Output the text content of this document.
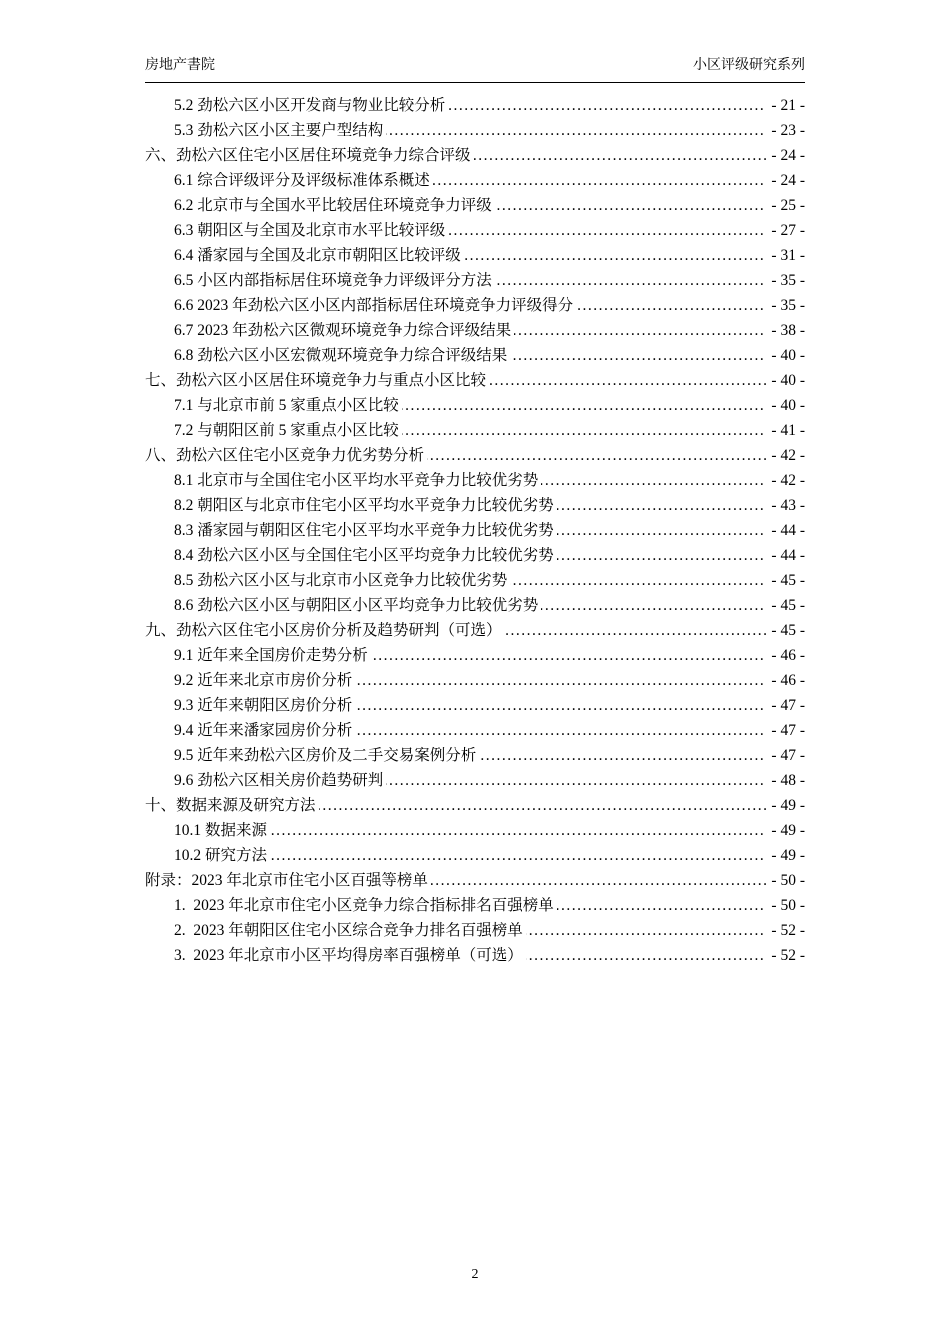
房地产書院	小区评级研究系列
.....
5.2 劲松六区小区开发商与物业比较分析	- 21 -
.....
5.3 劲松六区小区主要户型结构	- 23 -
.....
六、劲松六区住宅小区居住环境竞争力综合评级	- 24 -
.....
6.1 综合评级评分及评级标准体系概述	- 24 -
.....
6.2 北京市与全国水平比较居住环境竞争力评级	- 25 -
.....
6.3 朝阳区与全国及北京市水平比较评级	- 27 -
.....
6.4 潘家园与全国及北京市朝阳区比较评级	- 31 -
.....
6.5 小区内部指标居住环境竞争力评级评分方法	- 35 -
.....
6.6 2023 年劲松六区小区内部指标居住环境竞争力评级得分	- 35 -
.....
6.7 2023 年劲松六区微观环境竞争力综合评级结果	- 38 -
.....
6.8 劲松六区小区宏微观环境竞争力综合评级结果	- 40 -
.....
七、劲松六区小区居住环境竞争力与重点小区比较	- 40 -
.....
7.1 与北京市前 5 家重点小区比较	- 40 -
.....
7.2 与朝阳区前 5 家重点小区比较	- 41 -
.....
八、劲松六区住宅小区竞争力优劣势分析	- 42 -
.....
8.1 北京市与全国住宅小区平均水平竞争力比较优劣势	- 42 -
.....
8.2 朝阳区与北京市住宅小区平均水平竞争力比较优劣势	- 43 -
.....
8.3 潘家园与朝阳区住宅小区平均水平竞争力比较优劣势	- 44 -
.....
8.4 劲松六区小区与全国住宅小区平均竞争力比较优劣势	- 44 -
.....
8.5 劲松六区小区与北京市小区竞争力比较优劣势	- 45 -
.....
8.6 劲松六区小区与朝阳区小区平均竞争力比较优劣势	- 45 -
.....
九、劲松六区住宅小区房价分析及趋势研判（可选）	- 45 -
.....
9.1 近年来全国房价走势分析	- 46 -
.....
9.2 近年来北京市房价分析	- 46 -
.....
9.3 近年来朝阳区房价分析	- 47 -
.....
9.4 近年来潘家园房价分析	- 47 -
.....
9.5 近年来劲松六区房价及二手交易案例分析	- 47 -
.....
9.6 劲松六区相关房价趋势研判	- 48 -
.....
十、数据来源及研究方法	- 49 -
.....
10.1 数据来源	- 49 -
.....
10.2 研究方法	- 49 -
.....
附录：2023 年北京市住宅小区百强等榜单	- 50 -
.....
1.  2023 年北京市住宅小区竞争力综合指标排名百强榜单	- 50 -
.....
2.  2023 年朝阳区住宅小区综合竞争力排名百强榜单	- 52 -
.....
3.  2023 年北京市小区平均得房率百强榜单（可选）	- 52 -
2
